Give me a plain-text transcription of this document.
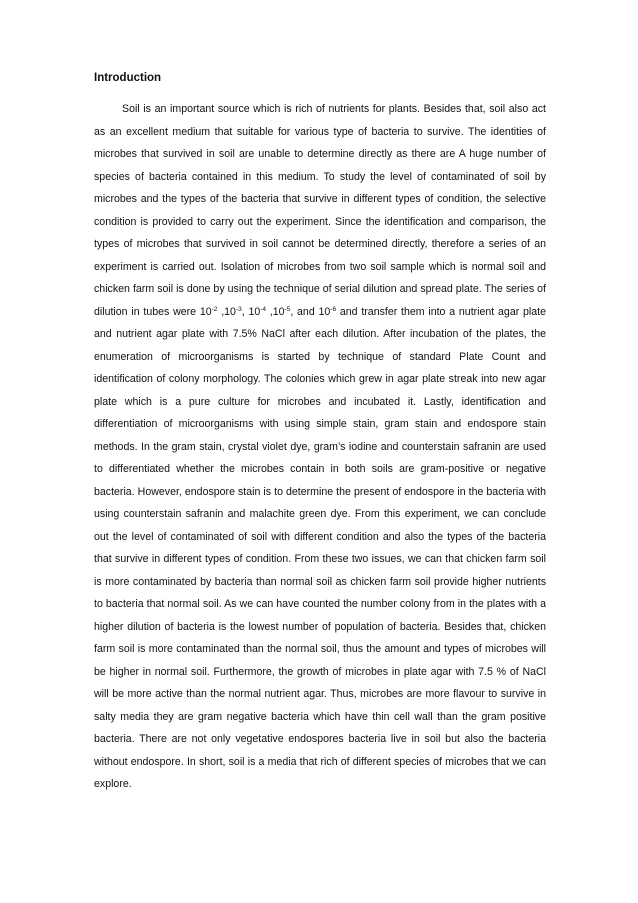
Introduction

Soil is an important source which is rich of nutrients for plants. Besides that, soil also act as an excellent medium that suitable for various type of bacteria to survive. The identities of microbes that survived in soil are unable to determine directly as there are A huge number of species of bacteria contained in this medium. To study the level of contaminated of soil by microbes and the types of the bacteria that survive in different types of condition, the selective condition is provided to carry out the experiment. Since the identification and comparison, the types of microbes that survived in soil cannot be determined directly, therefore a series of an experiment is carried out. Isolation of microbes from two soil sample which is normal soil and chicken farm soil is done by using the technique of serial dilution and spread plate. The series of dilution in tubes were $10^{-2}$ $,10^{-3}$, $10^{-4}$ $,10^{-5}$, and $10^{-6}$ and transfer them into a nutrient agar plate and nutrient agar plate with 7.5% NaCl after each dilution. After incubation of the plates, the enumeration of microorganisms is started by technique of standard Plate Count and identification of colony morphology. The colonies which grew in agar plate streak into new agar plate which is a pure culture for microbes and incubated it. Lastly, identification and differentiation of microorganisms with using simple stain, gram stain and endospore stain methods. In the gram stain, crystal violet dye, gram’s iodine and counterstain safranin are used to differentiated whether the microbes contain in both soils are gram-positive or negative bacteria. However, endospore stain is to determine the present of endospore in the bacteria with using counterstain safranin and malachite green dye. From this experiment, we can conclude out the level of contaminated of soil with different condition and also the types of the bacteria that survive in different types of condition. From these two issues, we can that chicken farm soil is more contaminated by bacteria than normal soil as chicken farm soil provide higher nutrients to bacteria that normal soil. As we can have counted the number colony from in the plates with a higher dilution of bacteria is the lowest number of population of bacteria. Besides that, chicken farm soil is more contaminated than the normal soil, thus the amount and types of microbes will be higher in normal soil. Furthermore, the growth of microbes in plate agar with 7.5 % of NaCl will be more active than the normal nutrient agar. Thus, microbes are more flavour to survive in salty media they are gram negative bacteria which have thin cell wall than the gram positive bacteria. There are not only vegetative endospores bacteria live in soil but also the bacteria without endospore. In short, soil is a media that rich of different species of microbes that we can explore.
